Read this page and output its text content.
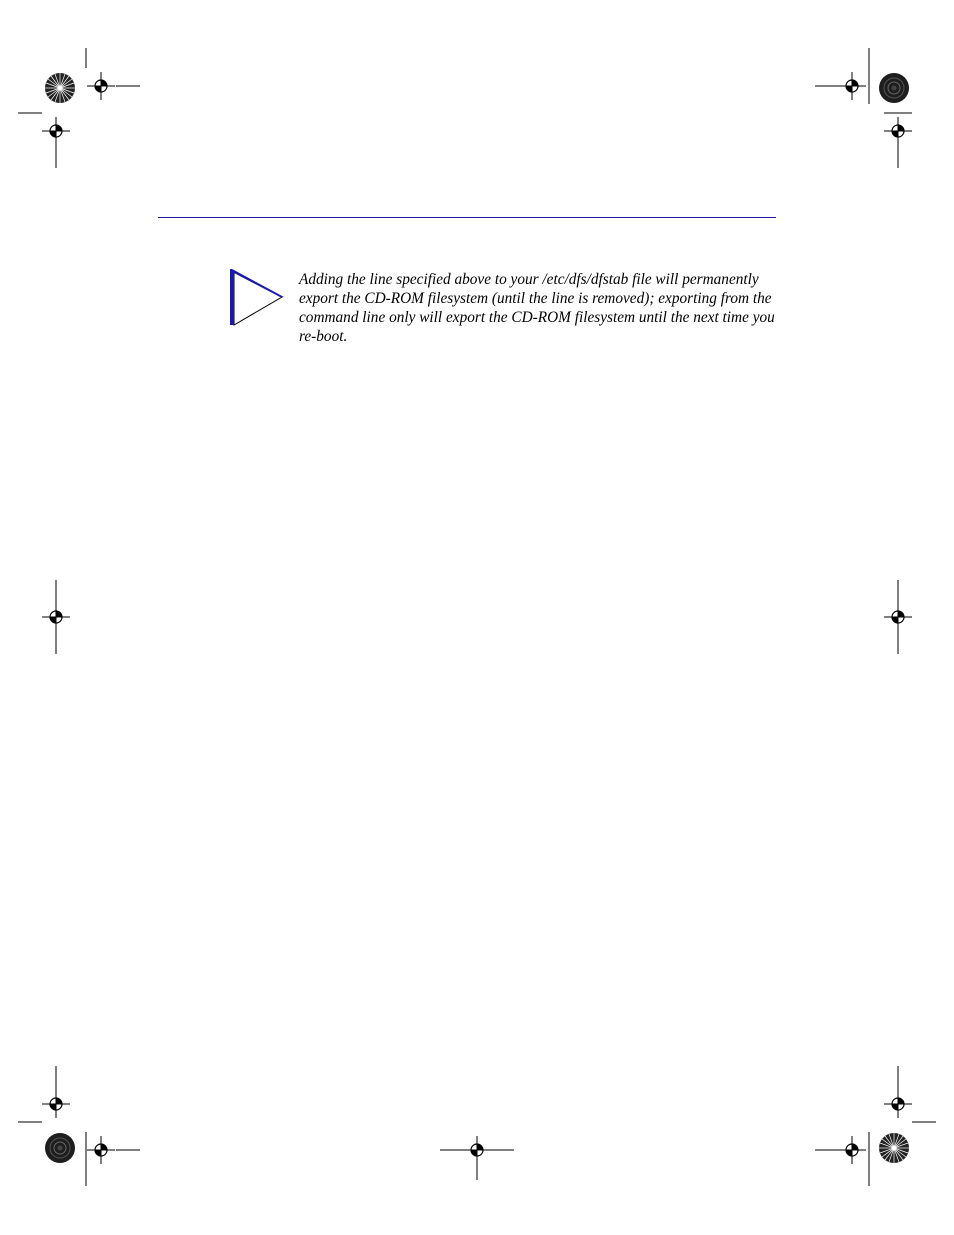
Adding the line specified above to your /etc/dfs/dfstab file will permanently export the CD-ROM filesystem (until the line is removed); exporting from the command line only will export the CD-ROM filesystem until the next time you re-boot.
